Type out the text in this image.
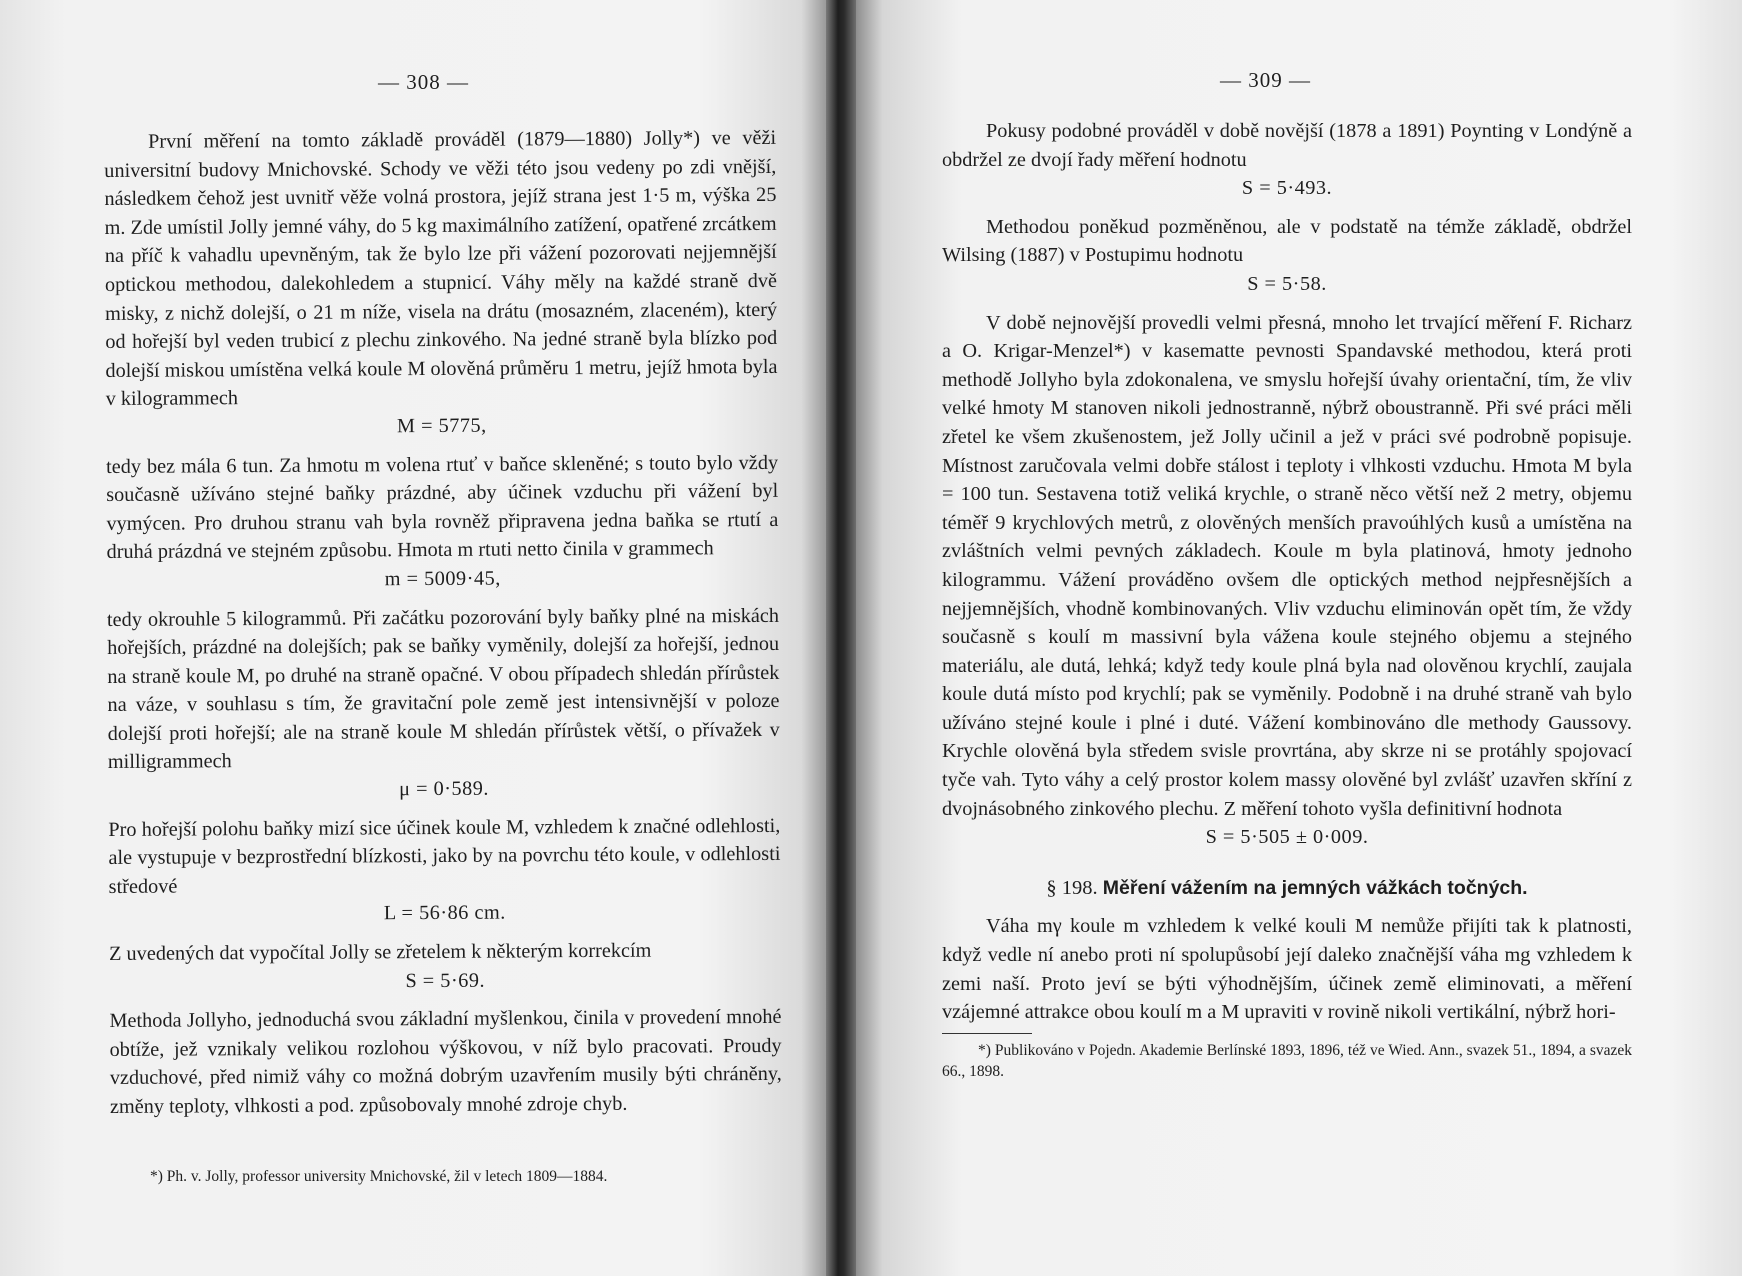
— 308 —

První měření na tomto základě prováděl (1879—1880) Jolly*) ve věži universitní budovy Mnichovské. Schody ve věži této jsou vedeny po zdi vnější, následkem čehož jest uvnitř věže volná prostora, jejíž strana jest 1·5 m, výška 25 m. Zde umístil Jolly jemné váhy, do 5 kg maximálního zatížení, opatřené zrcátkem na příč k vahadlu upevněným, tak že bylo lze při vážení pozorovati nejjemnější optickou methodou, dalekohledem a stupnicí. Váhy měly na každé straně dvě misky, z nichž dolejší, o 21 m níže, visela na drátu (mosazném, zlaceném), který od hořejší byl veden trubicí z plechu zinkového. Na jedné straně byla blízko pod dolejší miskou umístěna velká koule M olověná průměru 1 metru, jejíž hmota byla v kilogrammech

M = 5775,

tedy bez mála 6 tun. Za hmotu m volena rtuť v baňce skleněné; s touto bylo vždy současně užíváno stejné baňky prázdné, aby účinek vzduchu při vážení byl vymýcen. Pro druhou stranu vah byla rovněž připravena jedna baňka se rtutí a druhá prázdná ve stejném způsobu. Hmota m rtuti netto činila v grammech

m = 5009·45,

tedy okrouhle 5 kilogrammů. Při začátku pozorování byly baňky plné na miskách hořejších, prázdné na dolejších; pak se baňky vyměnily, dolejší za hořejší, jednou na straně koule M, po druhé na straně opačné. V obou případech shledán přírůstek na váze, v souhlasu s tím, že gravitační pole země jest intensivnější v poloze dolejší proti hořejší; ale na straně koule M shledán přírůstek větší, o přívažek v milligrammech

μ = 0·589.

Pro hořejší polohu baňky mizí sice účinek koule M, vzhledem k značné odlehlosti, ale vystupuje v bezprostřední blízkosti, jako by na povrchu této koule, v odlehlosti středové

L = 56·86 cm.

Z uvedených dat vypočítal Jolly se zřetelem k některým korrekcím

S = 5·69.

Methoda Jollyho, jednoduchá svou základní myšlenkou, činila v provedení mnohé obtíže, jež vznikaly velikou rozlohou výškovou, v níž bylo pracovati. Proudy vzduchové, před nimiž váhy co možná dobrým uzavřením musily býti chráněny, změny teploty, vlhkosti a pod. způsobovaly mnohé zdroje chyb.

*) Ph. v. Jolly, professor university Mnichovské, žil v letech 1809—1884.
— 309 —

Pokusy podobné prováděl v době novější (1878 a 1891) Poynting v Londýně a obdržel ze dvojí řady měření hodnotu

S = 5·493.

Methodou poněkud pozměněnou, ale v podstatě na témže základě, obdržel Wilsing (1887) v Postupimu hodnotu

S = 5·58.

V době nejnovější provedli velmi přesná, mnoho let trvající měření F. Richarz a O. Krigar-Menzel*) v kasematte pevnosti Spandavské methodou, která proti methodě Jollyho byla zdokonalena, ve smyslu hořejší úvahy orientační, tím, že vliv velké hmoty M stanoven nikoli jednostranně, nýbrž oboustranně. Při své práci měli zřetel ke všem zkušenostem, jež Jolly učinil a jež v práci své podrobně popisuje. Místnost zaručovala velmi dobře stálost i teploty i vlhkosti vzduchu. Hmota M byla = 100 tun. Sestavena totiž veliká krychle, o straně něco větší než 2 metry, objemu téměř 9 krychlových metrů, z olověných menších pravoúhlých kusů a umístěna na zvláštních velmi pevných základech. Koule m byla platinová, hmoty jednoho kilogrammu. Vážení prováděno ovšem dle optických method nejpřesnějších a nejjemnějších, vhodně kombinovaných. Vliv vzduchu eliminován opět tím, že vždy současně s koulí m massivní byla vážena koule stejného objemu a stejného materiálu, ale dutá, lehká; když tedy koule plná byla nad olověnou krychlí, zaujala koule dutá místo pod krychlí; pak se vyměnily. Podobně i na druhé straně vah bylo užíváno stejné koule i plné i duté. Vážení kombinováno dle methody Gaussovy. Krychle olověná byla středem svisle provrtána, aby skrze ni se protáhly spojovací tyče vah. Tyto váhy a celý prostor kolem massy olověné byl zvlášť uzavřen skříní z dvojnásobného zinkového plechu. Z měření tohoto vyšla definitivní hodnota

S = 5·505 ± 0·009.
§ 198. Měření vážením na jemných vážkách točných.

Váha mγ koule m vzhledem k velké kouli M nemůže přijíti tak k platnosti, když vedle ní anebo proti ní spolupůsobí její daleko značnější váha mg vzhledem k zemi naší. Proto jeví se býti výhodnějším, účinek země eliminovati, a měření vzájemné attrakce obou koulí m a M upraviti v rovině nikoli vertikální, nýbrž hori-

*) Publikováno v Pojedn. Akademie Berlínské 1893, 1896, též ve Wied. Ann., svazek 51., 1894, a svazek 66., 1898.
